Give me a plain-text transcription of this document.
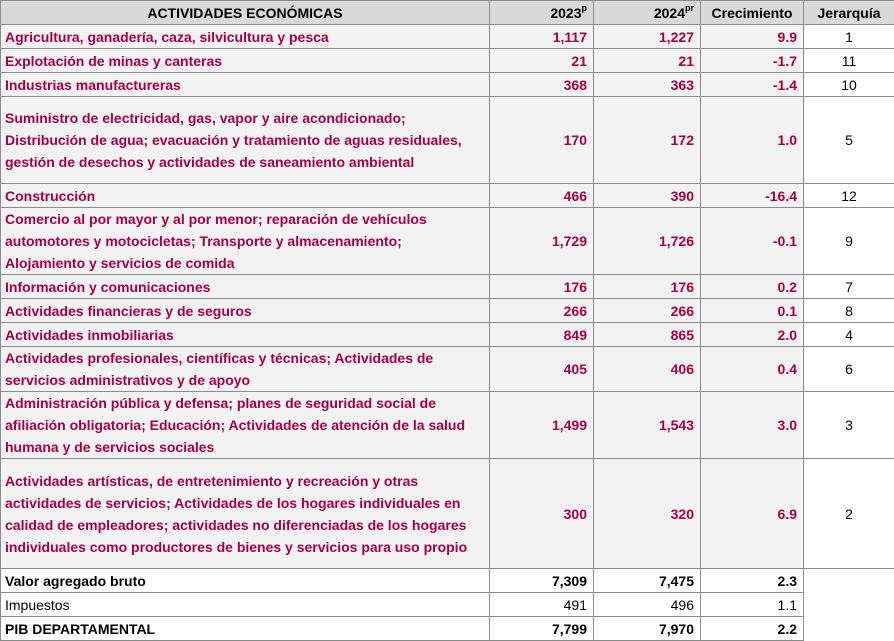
ACTIVIDADES ECONÓMICAS	2023$^p$	$2024^{pr}$	Crecimiento	Jerarquía

Agricultura, ganadería, caza, silvicultura y pesca	1,117	1,227	9.9	1

Explotación de minas y canteras	21	21	-1.7	11

Industrias manufactureras	368	363	-1.4	10

Suministro de electricidad, gas, vapor y aire acondicionado;
Distribución de agua; evacuación y tratamiento de aguas residuales,
gestión de desechos y actividades de saneamiento ambiental	170	172	1.0	5

Construcción	466	390	-16.4	12

Comercio al por mayor y al por menor; reparación de vehículos
automotores y motocicletas; Transporte y almacenamiento;
Alojamiento y servicios de comida	1,729	1,726	-0.1	9

Información y comunicaciones	176	176	0.2	7

Actividades financieras y de seguros	266	266	0.1	8

Actividades inmobiliarias	849	865	2.0	4

Actividades profesionales, científicas y técnicas; Actividades de
servicios administrativos y de apoyo	405	406	0.4	6

Administración pública y defensa; planes de seguridad social de
afiliación obligatoria; Educación; Actividades de atención de la salud
humana y de servicios sociales	1,499	1,543	3.0	3

Actividades artísticas, de entretenimiento y recreación y otras
actividades de servicios; Actividades de los hogares individuales en
calidad de empleadores; actividades no diferenciadas de los hogares
individuales como productores de bienes y servicios para uso propio	300	320	6.9	2
Valor agregado bruto	7,309	7,475	2.3	
Impuestos	491	496	1.1	
PIB DEPARTAMENTAL	7,799	7,970	2.2	
